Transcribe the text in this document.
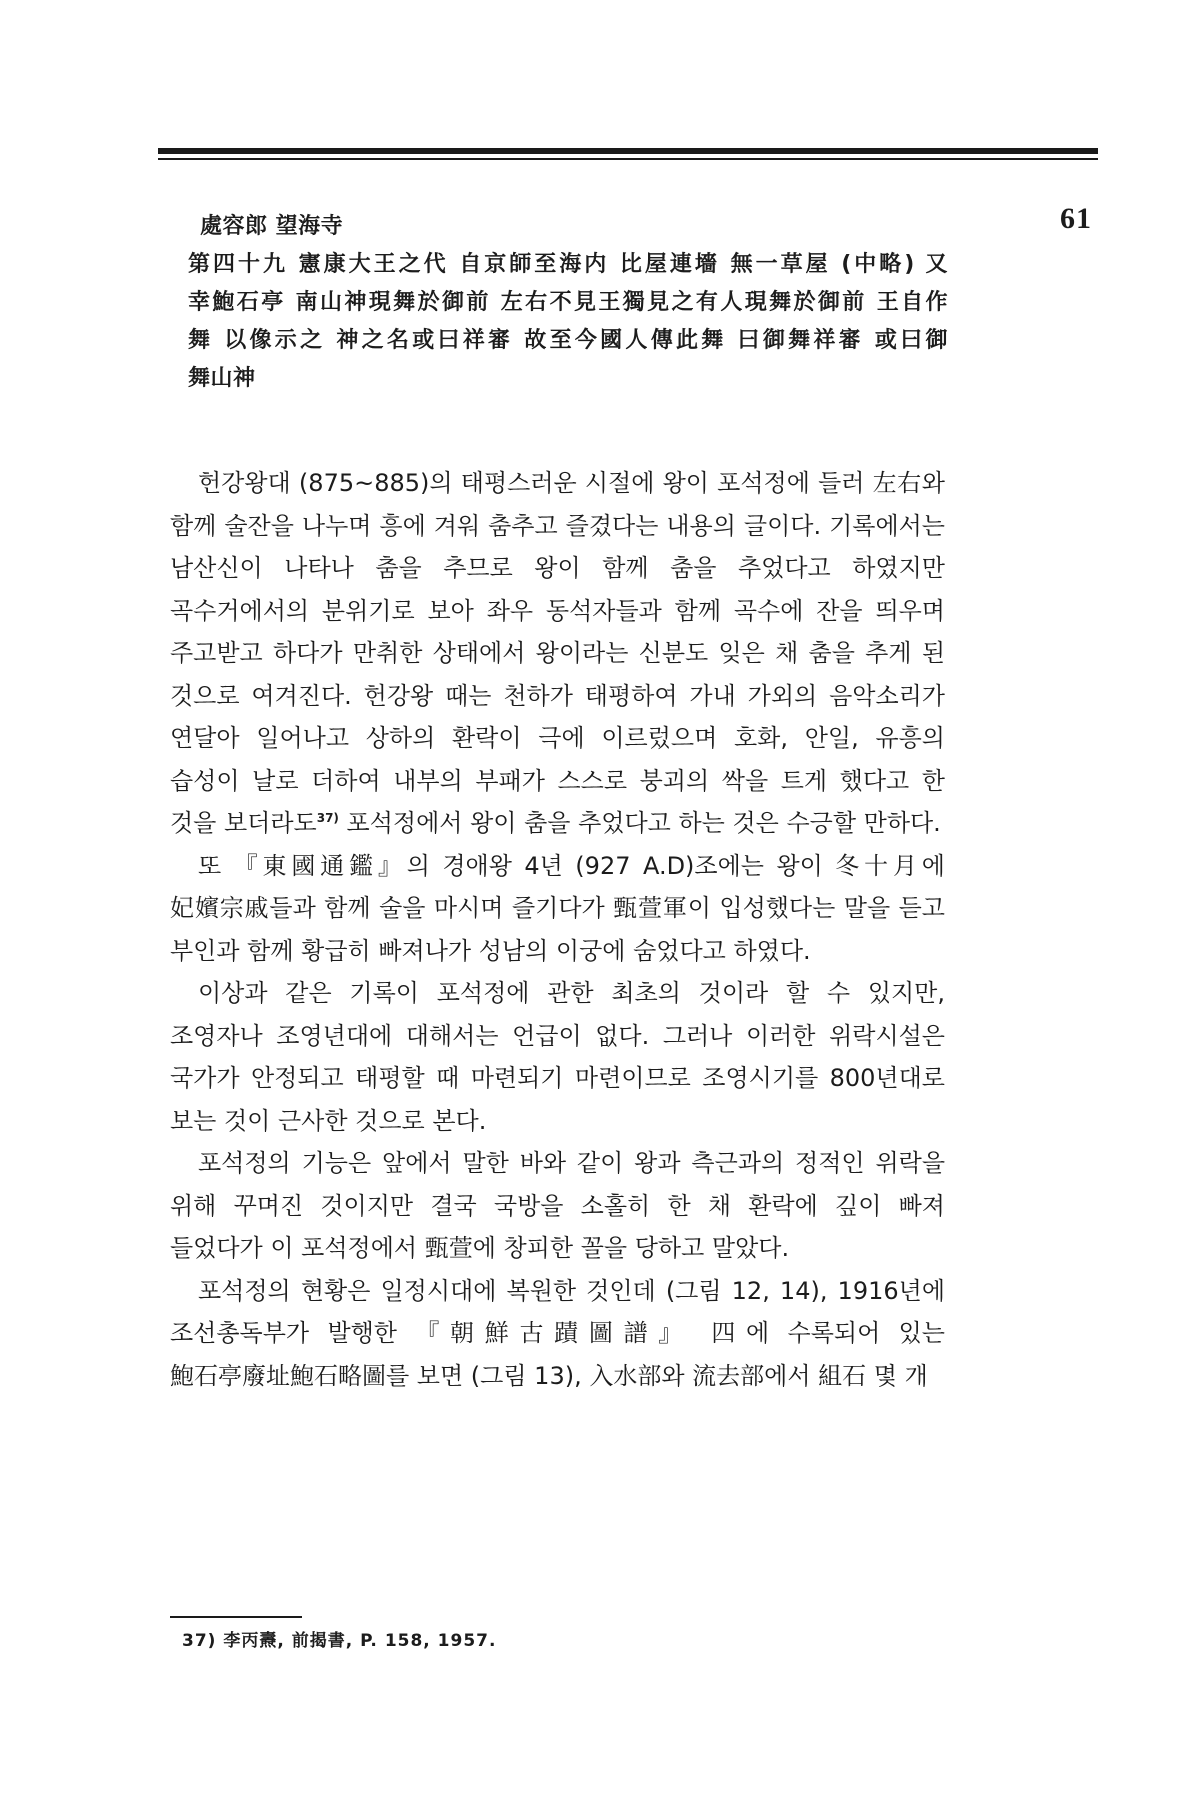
61
處容郎 望海寺
第四十九 憲康大王之代 自京師至海内 比屋連墻 無一草屋 (中略) 又
幸鮑石亭 南山神現舞於御前 左右不見王獨見之有人現舞於御前 王自作
舞 以像示之 神之名或曰祥審 故至今國人傳此舞 曰御舞祥審 或曰御
舞山神

헌강왕대 (875~885)의 태평스러운 시절에 왕이 포석정에 들러 左右와 함께 술잔을 나누며 흥에 겨워 춤추고 즐겼다는 내용의 글이다. 기록에서는 남산신이 나타나 춤을 추므로 왕이 함께 춤을 추었다고 하였지만 곡수거에서의 분위기로 보아 좌우 동석자들과 함께 곡수에 잔을 띄우며 주고받고 하다가 만취한 상태에서 왕이라는 신분도 잊은 채 춤을 추게 된 것으로 여겨진다. 헌강왕 때는 천하가 태평하여 가내 가외의 음악소리가 연달아 일어나고 상하의 환락이 극에 이르렀으며 호화, 안일, 유흥의 습성이 날로 더하여 내부의 부패가 스스로 붕괴의 싹을 트게 했다고 한 것을 보더라도$^{37)}$ 포석정에서 왕이 춤을 추었다고 하는 것은 수긍할 만하다.

또 『東國通鑑』의 경애왕 4년 (927 A.D)조에는 왕이 冬十月에 妃嬪宗戚들과 함께 술을 마시며 즐기다가 甄萱軍이 입성했다는 말을 듣고 부인과 함께 황급히 빠져나가 성남의 이궁에 숨었다고 하였다.

이상과 같은 기록이 포석정에 관한 최초의 것이라 할 수 있지만, 조영자나 조영년대에 대해서는 언급이 없다. 그러나 이러한 위락시설은 국가가 안정되고 태평할 때 마련되기 마련이므로 조영시기를 800년대로 보는 것이 근사한 것으로 본다.

포석정의 기능은 앞에서 말한 바와 같이 왕과 측근과의 정적인 위락을 위해 꾸며진 것이지만 결국 국방을 소홀히 한 채 환락에 깊이 빠져 들었다가 이 포석정에서 甄萱에 창피한 꼴을 당하고 말았다.

포석정의 현황은 일정시대에 복원한 것인데 (그림 12, 14), 1916년에 조선총독부가 발행한 『朝鮮古蹟圖譜』 四에 수록되어 있는 鮑石亭廢址鮑石略圖를 보면 (그림 13), 入水部와 流去部에서 組石 몇 개

37) 李丙燾, 前揭書, P. 158, 1957.
